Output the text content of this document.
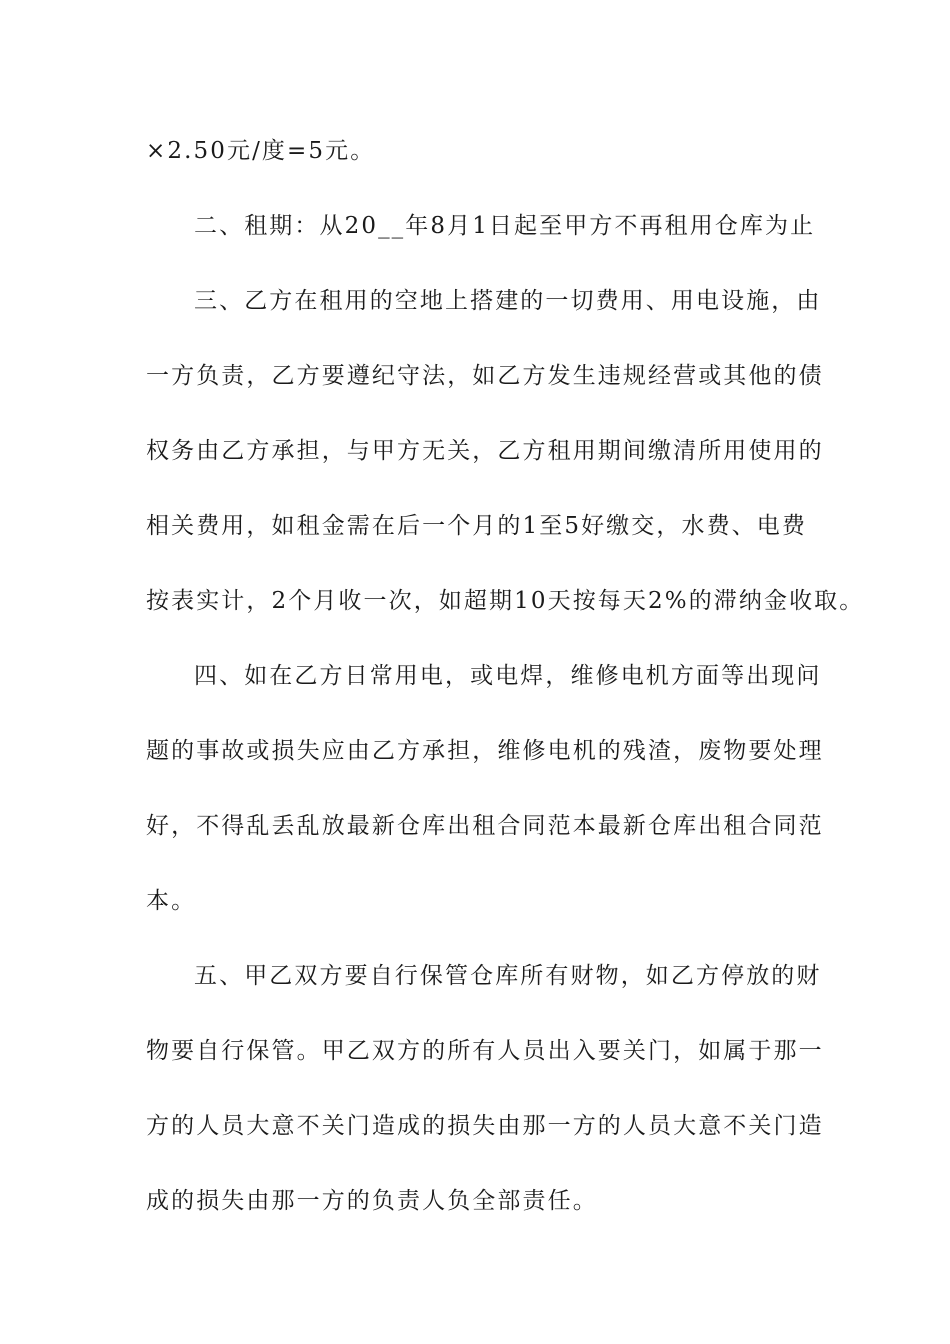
×2.50元/度=5元。
二、租期：从20__年8月1日起至甲方不再租用仓库为止
三、乙方在租用的空地上搭建的一切费用、用电设施，由
一方负责，乙方要遵纪守法，如乙方发生违规经营或其他的债
权务由乙方承担，与甲方无关，乙方租用期间缴清所用使用的
相关费用，如租金需在后一个月的1至5好缴交，水费、电费
按表实计，2个月收一次，如超期10天按每天2%的滞纳金收取。
四、如在乙方日常用电，或电焊，维修电机方面等出现问
题的事故或损失应由乙方承担，维修电机的残渣，废物要处理
好，不得乱丢乱放最新仓库出租合同范本最新仓库出租合同范
本。
五、甲乙双方要自行保管仓库所有财物，如乙方停放的财
物要自行保管。甲乙双方的所有人员出入要关门，如属于那一
方的人员大意不关门造成的损失由那一方的人员大意不关门造
成的损失由那一方的负责人负全部责任。
